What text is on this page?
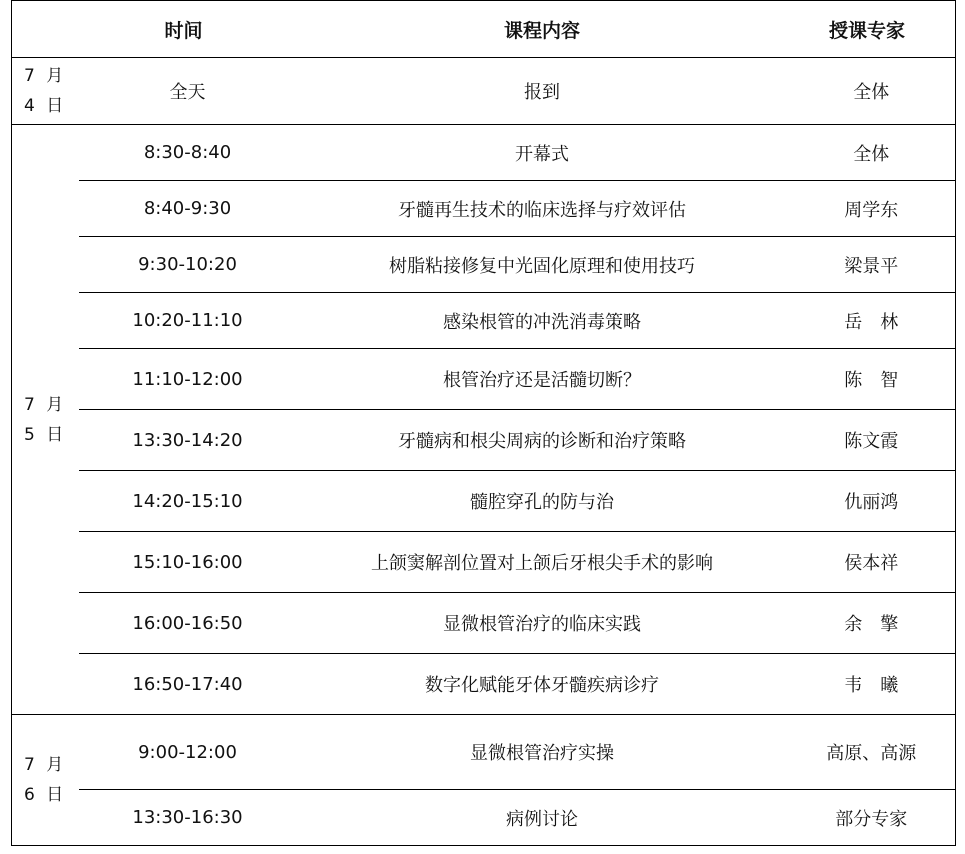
时间		课程内容	授课专家

7 月
4 日	全天	报到	全体

7 月
5 日	8:30-8:40	开幕式	全体
	8:40-9:30	牙髓再生技术的临床选择与疗效评估	周学东
	9:30-10:20	树脂粘接修复中光固化原理和使用技巧	梁景平
	10:20-11:10	感染根管的冲洗消毒策略	岳　林
	11:10-12:00	根管治疗还是活髓切断？	陈　智
	13:30-14:20	牙髓病和根尖周病的诊断和治疗策略	陈文霞
	14:20-15:10	髓腔穿孔的防与治	仇丽鸿
	15:10-16:00	上颌窦解剖位置对上颌后牙根尖手术的影响	侯本祥
	16:00-16:50	显微根管治疗的临床实践	余　擎
	16:50-17:40	数字化赋能牙体牙髓疾病诊疗	韦　曦

7 月
6 日	9:00-12:00	显微根管治疗实操	高原、高源
	13:30-16:30	病例讨论	部分专家
